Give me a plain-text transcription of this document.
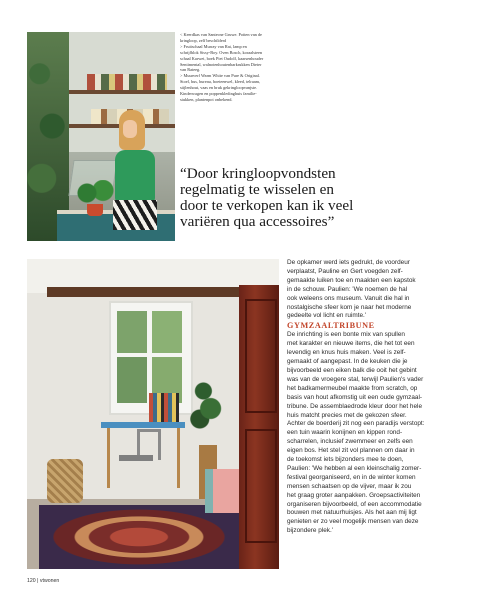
< Keerdkas van Santecne Gruwe. Potten van de

kringloop, zelf beschilderd

> Fruitschaal Murray van Rat, lamp en

schrijfblok Sissy-Boy. Oven Bosch, koraalsteen

schaal Karwei, boek Piet Oudolf, kaarsenhouder

Sentimental, walnotenhoutenbarkrukken Dieter

van Rateeg.

> Muurverf Warm White van Pure & Original.

Stoel, bus, bureau, boeteenwel, kleed, telraam,

stijlenhout, vaas en bruk gekringloopvanjste.

Kinderwagen en poppenkledinghuis familie-

stukken, plantenpot onbekend.

“Door kringloopvondsten

regelmatig te wisselen en

door te verkopen kan ik veel

variëren qua accessoires”

De opkamer werd iets gedrukt, de voordeur

verplaatst, Pauline en Gert voegden zelf-

gemaakte luiken toe en maakten een kapstok

in de schouw. Paulien: 'We noemen de hal

ook weleens ons museum. Vanuit die hal in

nostalgische sfeer kom je naar het moderne

gedeelte vol licht en ruimte.'

GYMZAALTRIBUNE

De inrichting is een bonte mix van spullen

met karakter en nieuwe items, die het tot een

levendig en knus huis maken. Veel is zelf-

gemaakt of aangepast. In de keuken die je

bijvoorbeeld een eiken balk die ooit het gebint

was van de vroegere stal, terwijl Paulien's vader

het badkamermeubel maakte from scratch, op

basis van hout afkomstig uit een oude gymzaal-

tribune. De assemblaedrode kleur door het hele

huis matcht precies met de gekozen sfeer.

Achter de boerderij zit nog een paradijs verstopt:

een tuin waarin konijnen en kippen rond-

scharrelen, inclusief zwemmeer en zelfs een

eigen bos. Het stel zit vol plannen om daar in

de toekomst iets bijzonders mee te doen,

Paulien: 'We hebben al een kleinschalig zomer-

festival georganiseerd, en in de winter komen

mensen schaatsen op de vijver, maar ik zou

het graag groter aanpakken. Groepsactiviteiten

organiseren bijvoorbeeld, of een accommodatie

bouwen met natuurhuisjes. Als het aan mij ligt

genieten er zo veel mogelijk mensen van deze

bijzondere plek.'

120 | vtwonen
